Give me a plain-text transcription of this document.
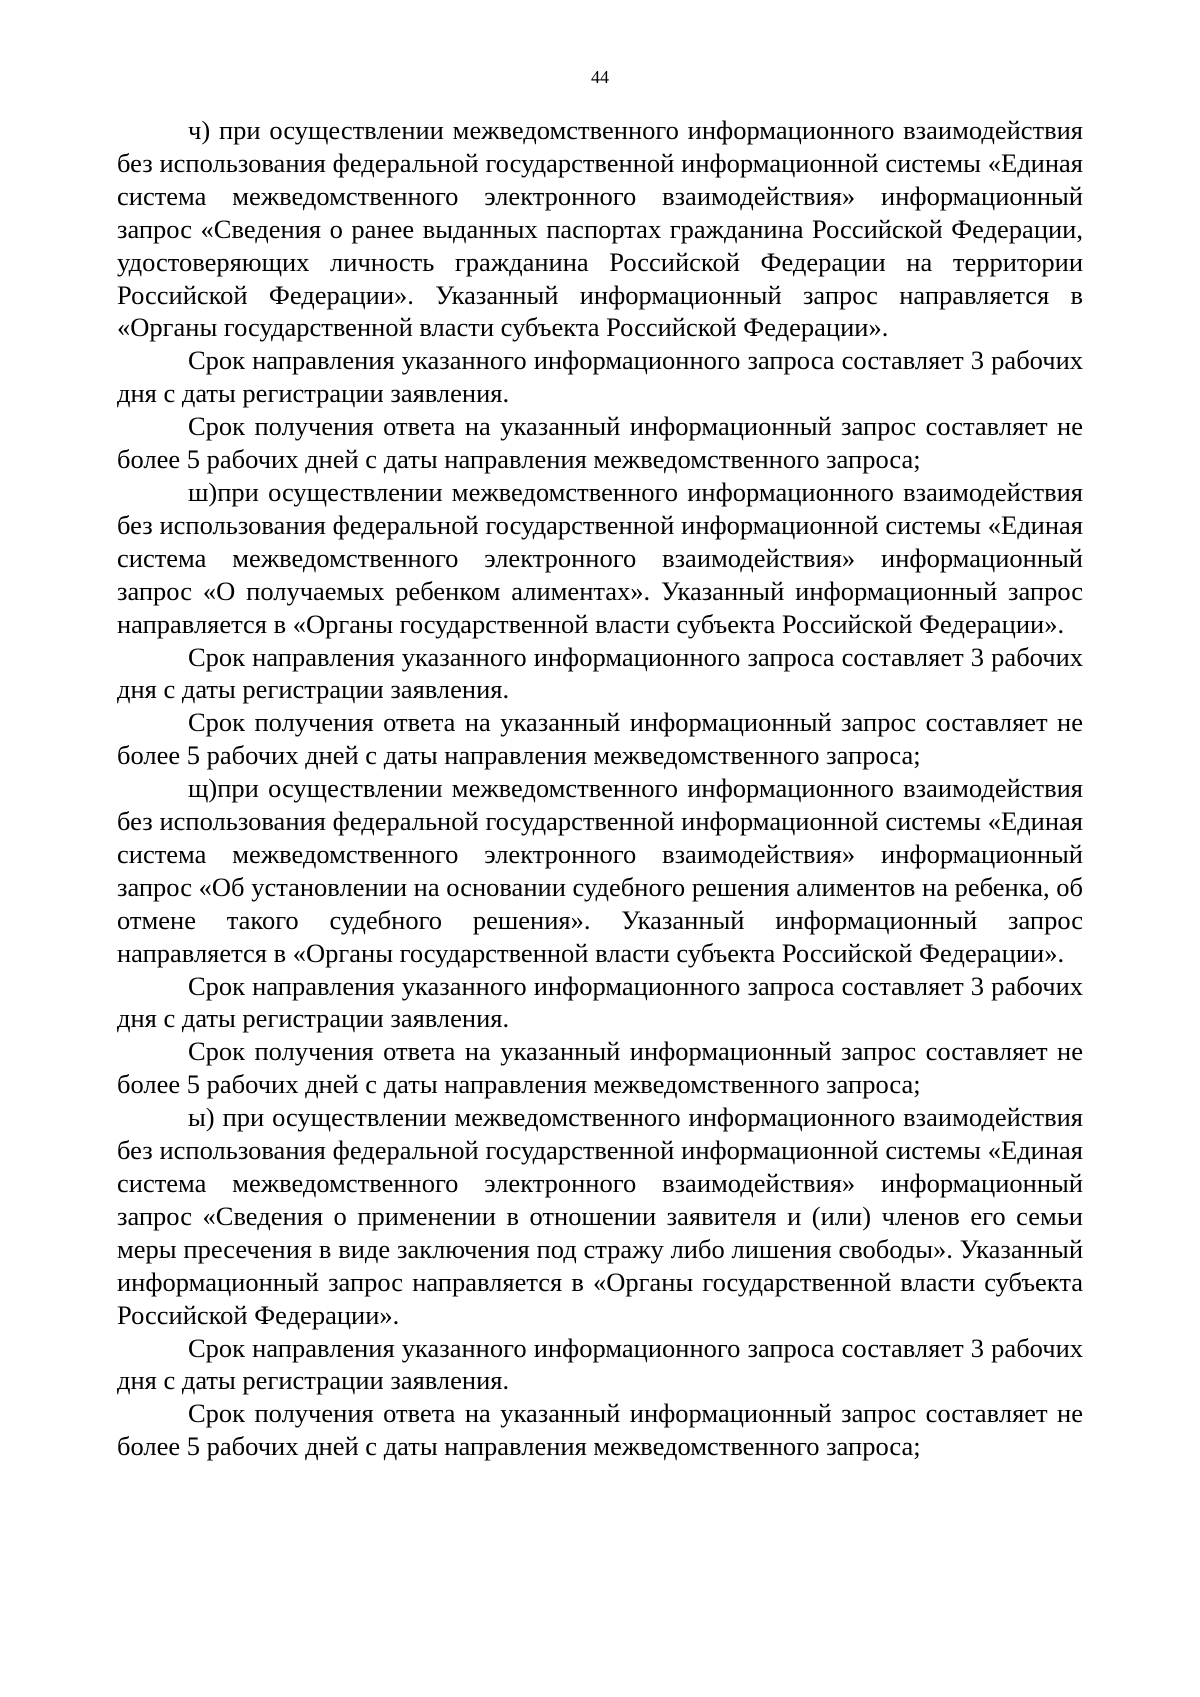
44

ч) при осуществлении межведомственного информационного взаимодействия без использования федеральной государственной информационной системы «Единая система межведомственного электронного взаимодействия» информационный запрос «Сведения о ранее выданных паспортах гражданина Российской Федерации, удостоверяющих личность гражданина Российской Федерации на территории Российской Федерации». Указанный информационный запрос направляется в «Органы государственной власти субъекта Российской Федерации».

Срок направления указанного информационного запроса составляет 3 рабочих дня с даты регистрации заявления.

Срок получения ответа на указанный информационный запрос составляет не более 5 рабочих дней с даты направления межведомственного запроса;

ш)при осуществлении межведомственного информационного взаимодействия без использования федеральной государственной информационной системы «Единая система межведомственного электронного взаимодействия» информационный запрос «О получаемых ребенком алиментах». Указанный информационный запрос направляется в «Органы государственной власти субъекта Российской Федерации».

Срок направления указанного информационного запроса составляет 3 рабочих дня с даты регистрации заявления.

Срок получения ответа на указанный информационный запрос составляет не более 5 рабочих дней с даты направления межведомственного запроса;

щ)при осуществлении межведомственного информационного взаимодействия без использования федеральной государственной информационной системы «Единая система межведомственного электронного взаимодействия» информационный запрос «Об установлении на основании судебного решения алиментов на ребенка, об отмене такого судебного решения». Указанный информационный запрос направляется в «Органы государственной власти субъекта Российской Федерации».

Срок направления указанного информационного запроса составляет 3 рабочих дня с даты регистрации заявления.

Срок получения ответа на указанный информационный запрос составляет не более 5 рабочих дней с даты направления межведомственного запроса;

ы) при осуществлении межведомственного информационного взаимодействия без использования федеральной государственной информационной системы «Единая система межведомственного электронного взаимодействия» информационный запрос «Сведения о применении в отношении заявителя и (или) членов его семьи меры пресечения в виде заключения под стражу либо лишения свободы». Указанный информационный запрос направляется в «Органы государственной власти субъекта Российской Федерации».

Срок направления указанного информационного запроса составляет 3 рабочих дня с даты регистрации заявления.

Срок получения ответа на указанный информационный запрос составляет не более 5 рабочих дней с даты направления межведомственного запроса;
